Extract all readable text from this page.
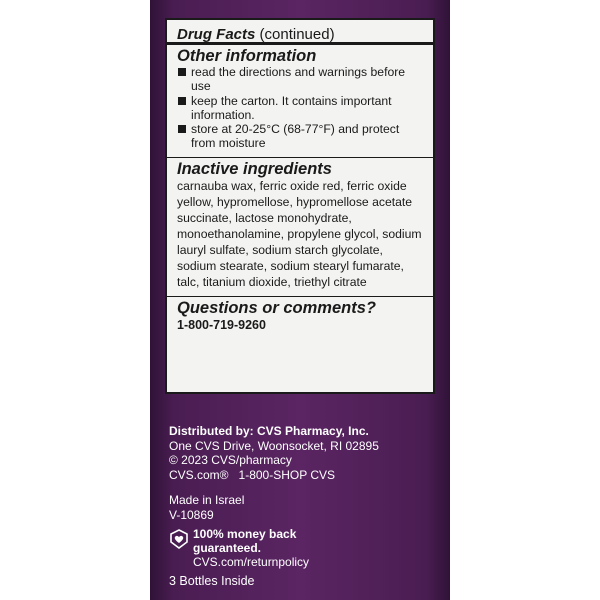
Drug Facts (continued)
Other information
read the directions and warnings before use
keep the carton. It contains important information.
store at 20-25°C (68-77°F) and protect from moisture
Inactive ingredients
carnauba wax, ferric oxide red, ferric oxide yellow, hypromellose, hypromellose acetate succinate, lactose monohydrate, monoethanolamine, propylene glycol, sodium lauryl sulfate, sodium starch glycolate, sodium stearate, sodium stearyl fumarate, talc, titanium dioxide, triethyl citrate
Questions or comments?
1-800-719-9260
Distributed by: CVS Pharmacy, Inc.
One CVS Drive, Woonsocket, RI 02895
© 2023 CVS/pharmacy
CVS.com®   1-800-SHOP CVS
Made in Israel
V-10869
100% money back
guaranteed.
CVS.com/returnpolicy
3 Bottles Inside
